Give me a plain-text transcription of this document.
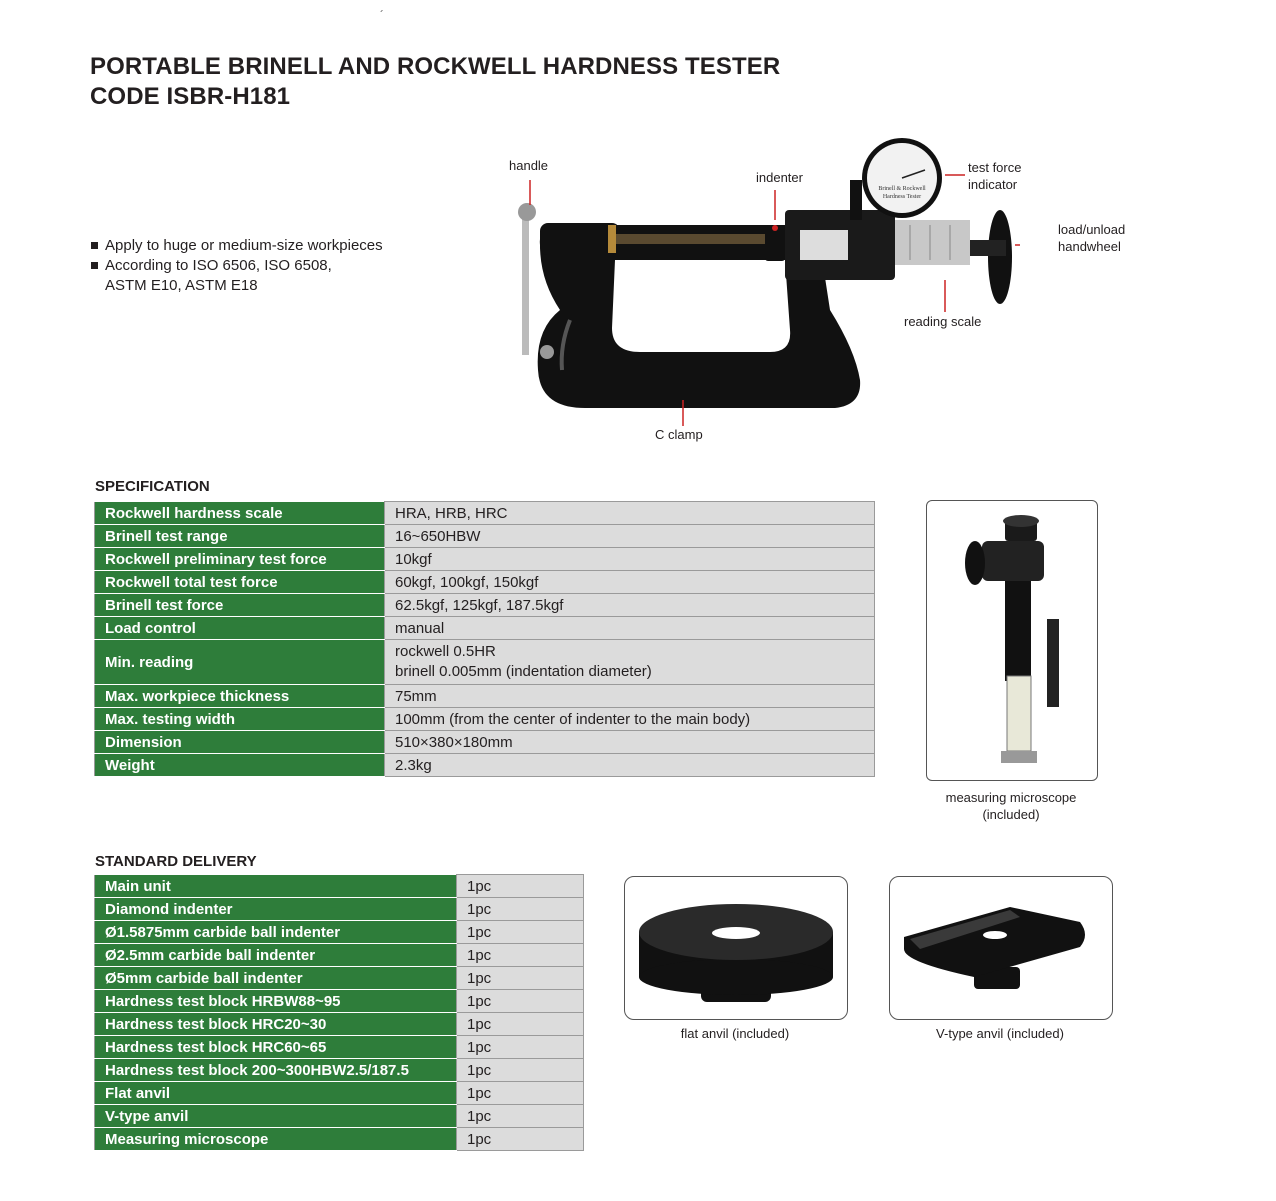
´
PORTABLE BRINELL AND ROCKWELL HARDNESS TESTER
CODE ISBR-H181
Apply to huge or medium-size workpieces
According to ISO 6506, ISO 6508,
ASTM E10, ASTM E18
Brinell & Rockwell
Hardness Tester
handle
indenter
test force
indicator
load/unload
handwheel
reading scale
C clamp
SPECIFICATION
Rockwell hardness scale	HRA, HRB, HRC
Brinell test range	16~650HBW
Rockwell preliminary test force	10kgf
Rockwell total test force	60kgf, 100kgf, 150kgf
Brinell test force	62.5kgf, 125kgf, 187.5kgf
Load control	manual
Min. reading	rockwell 0.5HR
brinell 0.005mm (indentation diameter)

Max. workpiece thickness	75mm
Max. testing width	100mm (from the center of indenter to the main body)
Dimension	510×380×180mm
Weight	2.3kg
measuring microscope
(included)
STANDARD DELIVERY
Main unit	1pc
Diamond indenter	1pc
Ø1.5875mm carbide ball indenter	1pc
Ø2.5mm carbide ball indenter	1pc
Ø5mm carbide ball indenter	1pc
Hardness test block HRBW88~95	1pc
Hardness test block HRC20~30	1pc
Hardness test block HRC60~65	1pc
Hardness test block 200~300HBW2.5/187.5	1pc
Flat anvil	1pc
V-type anvil	1pc
Measuring microscope	1pc
flat anvil (included)	V-type anvil (included)
